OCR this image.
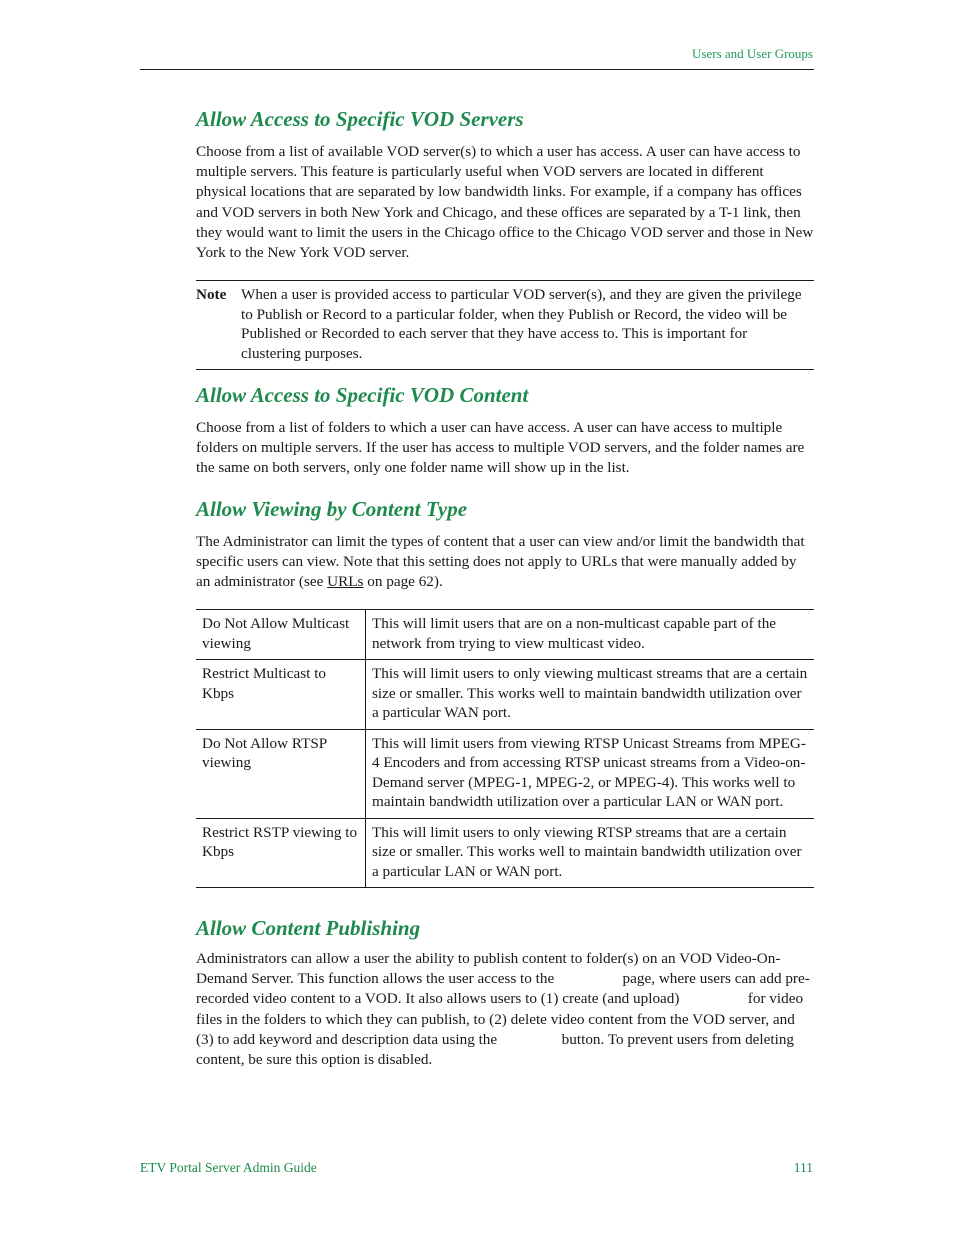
Users and User Groups
Allow Access to Specific VOD Servers

Choose from a list of available VOD server(s) to which a user has access. A user can have access to multiple servers. This feature is particularly useful when VOD servers are located in different physical locations that are separated by low bandwidth links. For example, if a company has offices and VOD servers in both New York and Chicago, and these offices are separated by a T-1 link, then they would want to limit the users in the Chicago office to the Chicago VOD server and those in New York to the New York VOD server.

Note When a user is provided access to particular VOD server(s), and they are given the privilege to Publish or Record to a particular folder, when they Publish or Record, the video will be Published or Recorded to each server that they have access to. This is important for clustering purposes.
Allow Access to Specific VOD Content

Choose from a list of folders to which a user can have access. A user can have access to multiple folders on multiple servers. If the user has access to multiple VOD servers, and the folder names are the same on both servers, only one folder name will show up in the list.

Allow Viewing by Content Type

The Administrator can limit the types of content that a user can view and/or limit the bandwidth that specific users can view. Note that this setting does not apply to URLs that were manually added by an administrator (see URLs on page 62).

Do Not Allow Multicast viewing	This will limit users that are on a non-multicast capable part of the network from trying to view multicast video.
Restrict Multicast to Kbps	This will limit users to only viewing multicast streams that are a certain size or smaller. This works well to maintain bandwidth utilization over a particular WAN port.
Do Not Allow RTSP viewing	This will limit users from viewing RTSP Unicast Streams from MPEG-4 Encoders and from accessing RTSP unicast streams from a Video-on-Demand server (MPEG-1, MPEG-2, or MPEG-4). This works well to maintain bandwidth utilization over a particular LAN or WAN port.
Restrict RSTP viewing to Kbps	This will limit users to only viewing RTSP streams that are a certain size or smaller. This works well to maintain bandwidth utilization over a particular LAN or WAN port.
Allow Content Publishing

Administrators can allow a user the ability to publish content to folder(s) on an VOD Video-On-Demand Server. This function allows the user access to the                  page, where users can add pre-recorded video content to a VOD. It also allows users to (1) create (and upload)                  for video files in the folders to which they can publish, to (2) delete video content from the VOD server, and (3) to add keyword and description data using the                 button. To prevent users from deleting content, be sure this option is disabled.

ETV Portal Server Admin Guide	111
